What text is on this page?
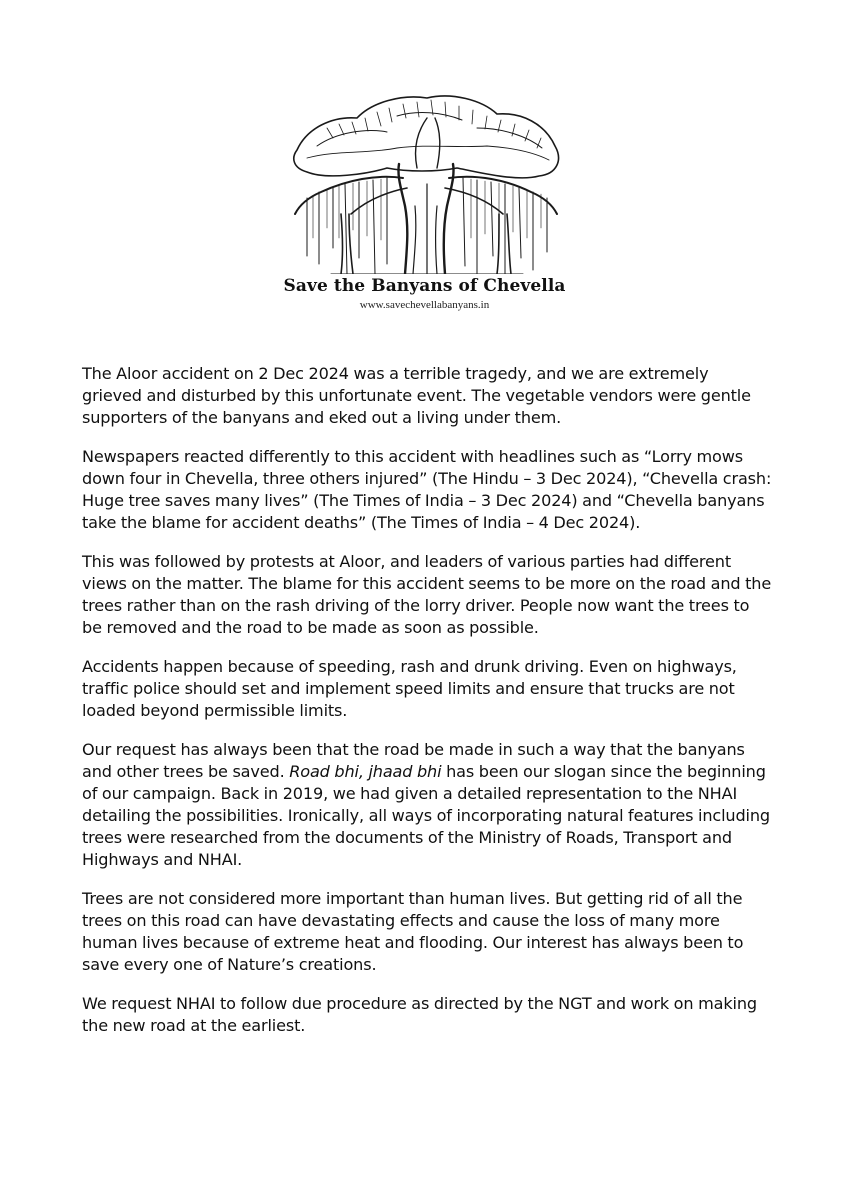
Save the Banyans of Chevella
www.savechevellabanyans.in

The Aloor accident on 2 Dec 2024 was a terrible tragedy, and we are extremely grieved and disturbed by this unfortunate event. The vegetable vendors were gentle supporters of the banyans and eked out a living under them.

Newspapers reacted differently to this accident with headlines such as “Lorry mows down four in Chevella, three others injured” (The Hindu – 3 Dec 2024), “Chevella crash: Huge tree saves many lives” (The Times of India – 3 Dec 2024) and “Chevella banyans take the blame for accident deaths” (The Times of India – 4 Dec 2024).

This was followed by protests at Aloor, and leaders of various parties had different views on the matter. The blame for this accident seems to be more on the road and the trees rather than on the rash driving of the lorry driver. People now want the trees to be removed and the road to be made as soon as possible.

Accidents happen because of speeding, rash and drunk driving. Even on highways, traffic police should set and implement speed limits and ensure that trucks are not loaded beyond permissible limits.

Our request has always been that the road be made in such a way that the banyans and other trees be saved. Road bhi, jhaad bhi has been our slogan since the beginning of our campaign. Back in 2019, we had given a detailed representation to the NHAI detailing the possibilities. Ironically, all ways of incorporating natural features including trees were researched from the documents of the Ministry of Roads, Transport and Highways and NHAI.

Trees are not considered more important than human lives. But getting rid of all the trees on this road can have devastating effects and cause the loss of many more human lives because of extreme heat and flooding. Our interest has always been to save every one of Nature’s creations.

We request NHAI to follow due procedure as directed by the NGT and work on making the new road at the earliest.
